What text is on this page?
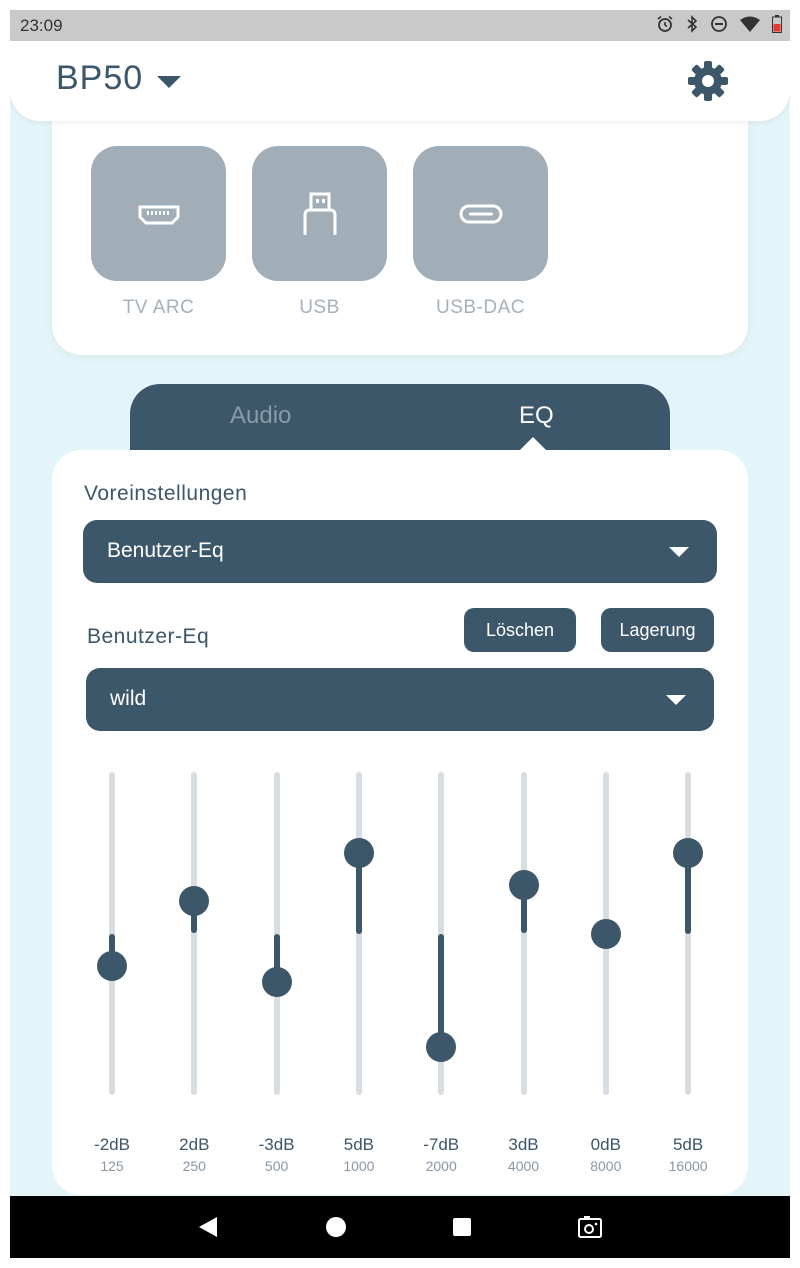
23:09
TV ARC	USB	USB-DAC
BP50
Audio	EQ
Voreinstellungen
Benutzer-Eq
Benutzer-Eq	Löschen	Lagerung
wild
-2dB
125
2dB
250
-3dB
500
5dB
1000
-7dB
2000
3dB
4000
0dB
8000
5dB
16000
